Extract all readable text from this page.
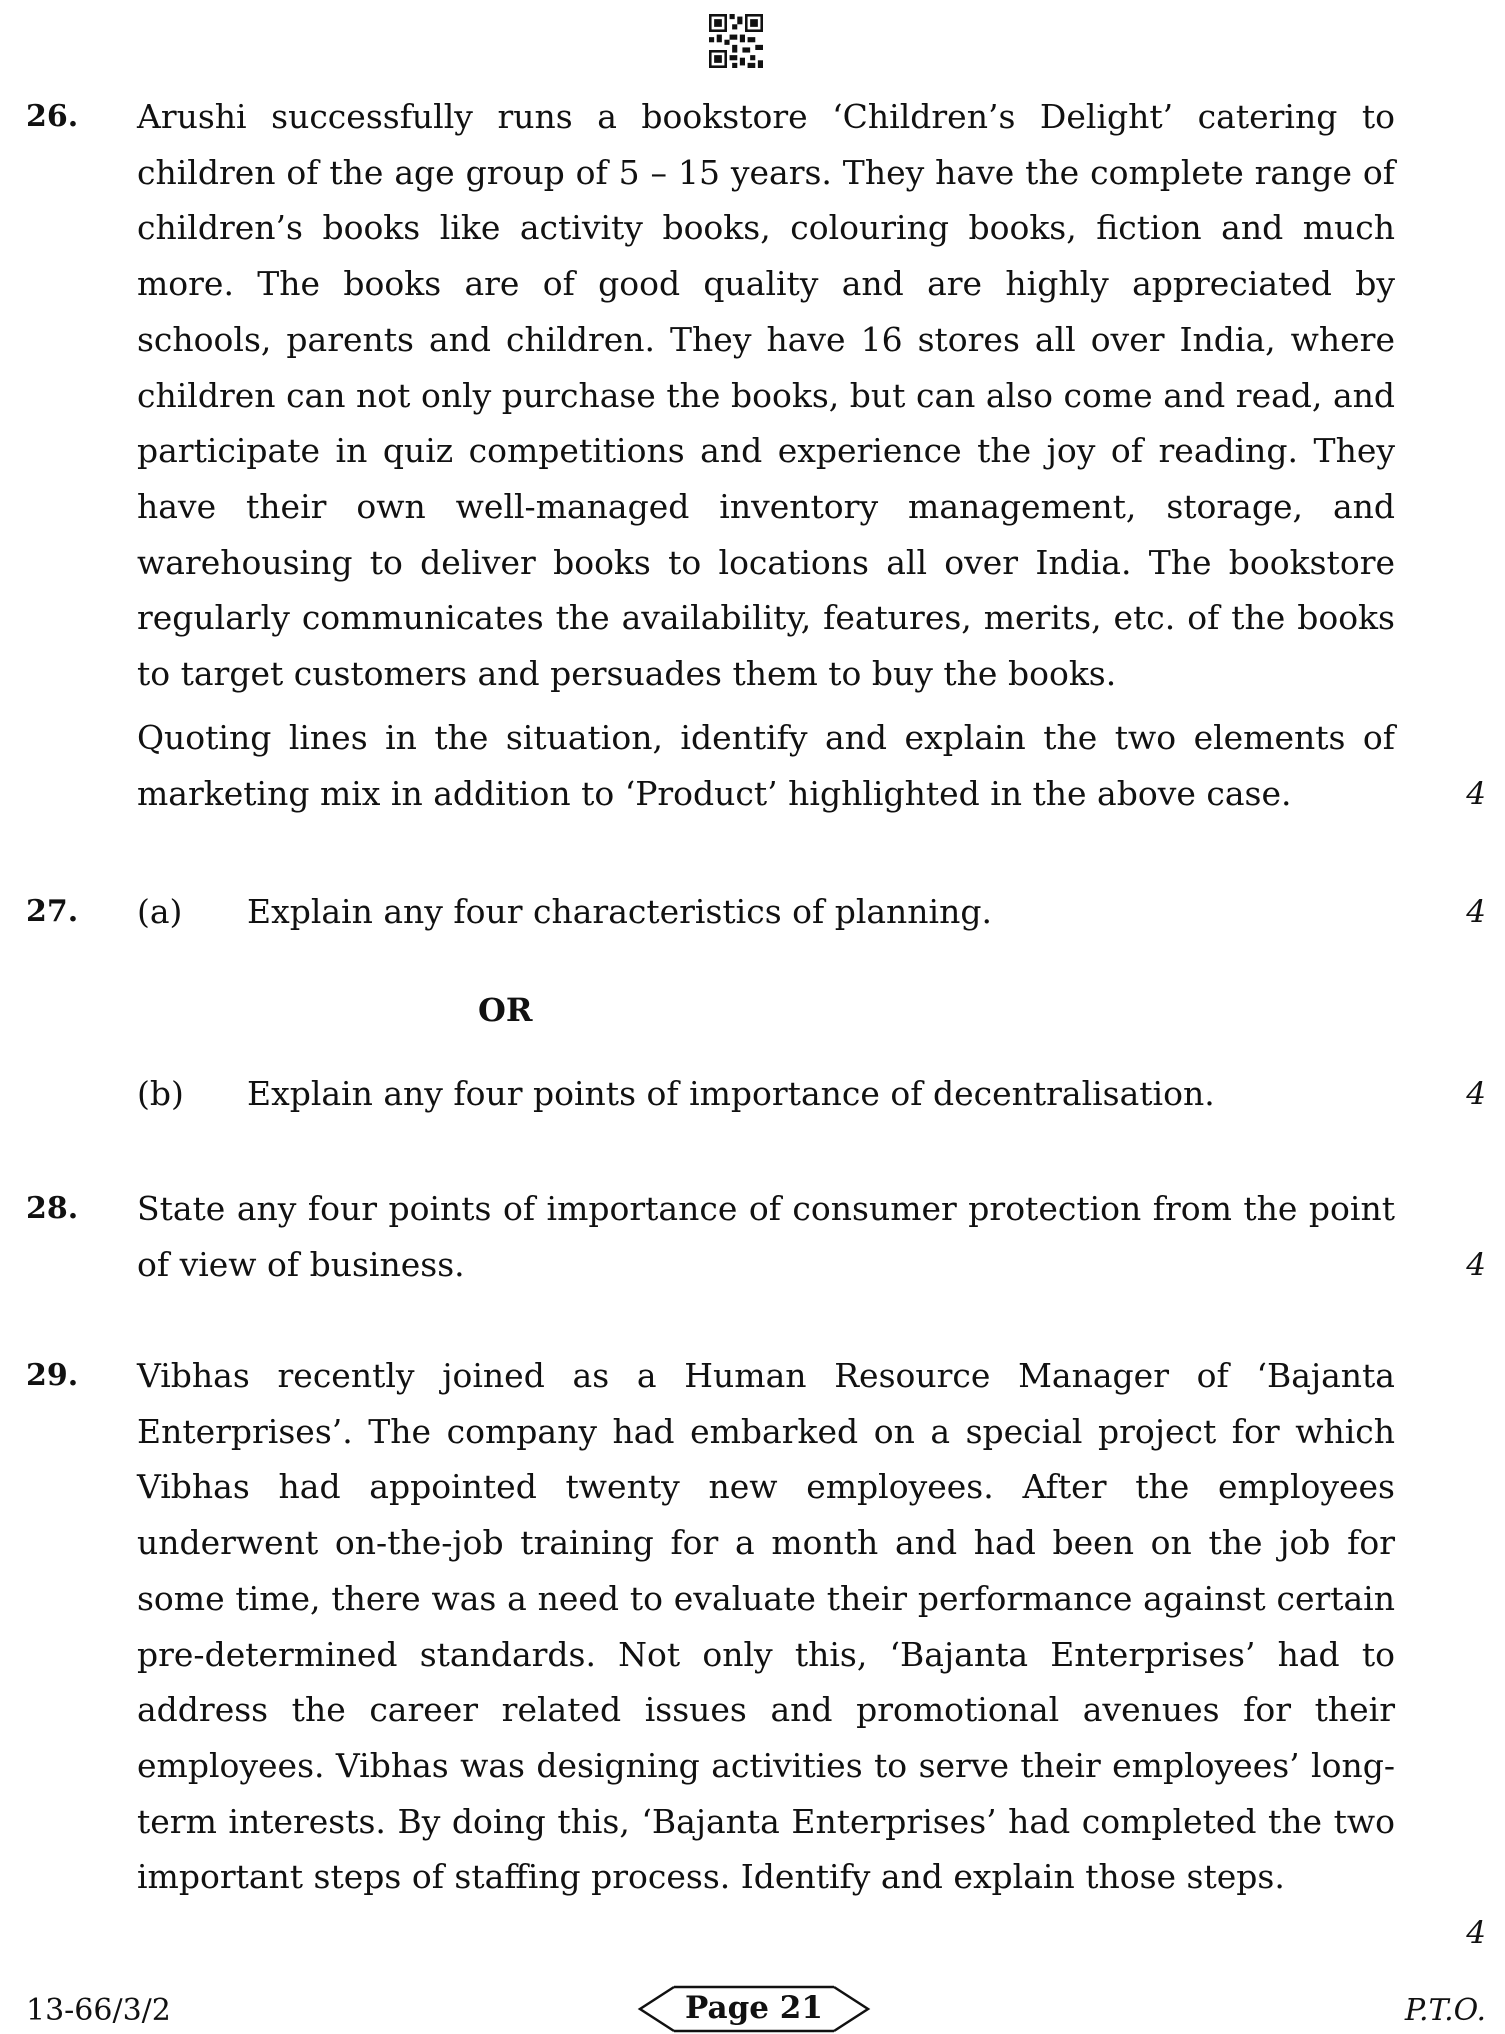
26. Arushi successfully runs a bookstore ‘Children’s Delight’ catering to children of the age group of 5 – 15 years. They have the complete range of children’s books like activity books, colouring books, fiction and much more. The books are of good quality and are highly appreciated by schools, parents and children. They have 16 stores all over India, where children can not only purchase the books, but can also come and read, and participate in quiz competitions and experience the joy of reading. They have their own well-managed inventory management, storage, and warehousing to deliver books to locations all over India. The bookstore regularly communicates the availability, features, merits, etc. of the books to target customers and persuades them to buy the books.
Quoting lines in the situation, identify and explain the two elements of marketing mix in addition to ‘Product’ highlighted in the above case.	4
27. (a) Explain any four characteristics of planning.	4
OR
(b) Explain any four points of importance of decentralisation.	4
28. State any four points of importance of consumer protection from the point of view of business.	4
29. Vibhas recently joined as a Human Resource Manager of ‘Bajanta Enterprises’. The company had embarked on a special project for which Vibhas had appointed twenty new employees. After the employees underwent on-the-job training for a month and had been on the job for some time, there was a need to evaluate their performance against certain pre-determined standards. Not only this, ‘Bajanta Enterprises’ had to address the career related issues and promotional avenues for their employees. Vibhas was designing activities to serve their employees’ long-term interests. By doing this, ‘Bajanta Enterprises’ had completed the two important steps of staffing process. Identify and explain those steps.
4
13-66/3/2	Page 21	P.T.O.
